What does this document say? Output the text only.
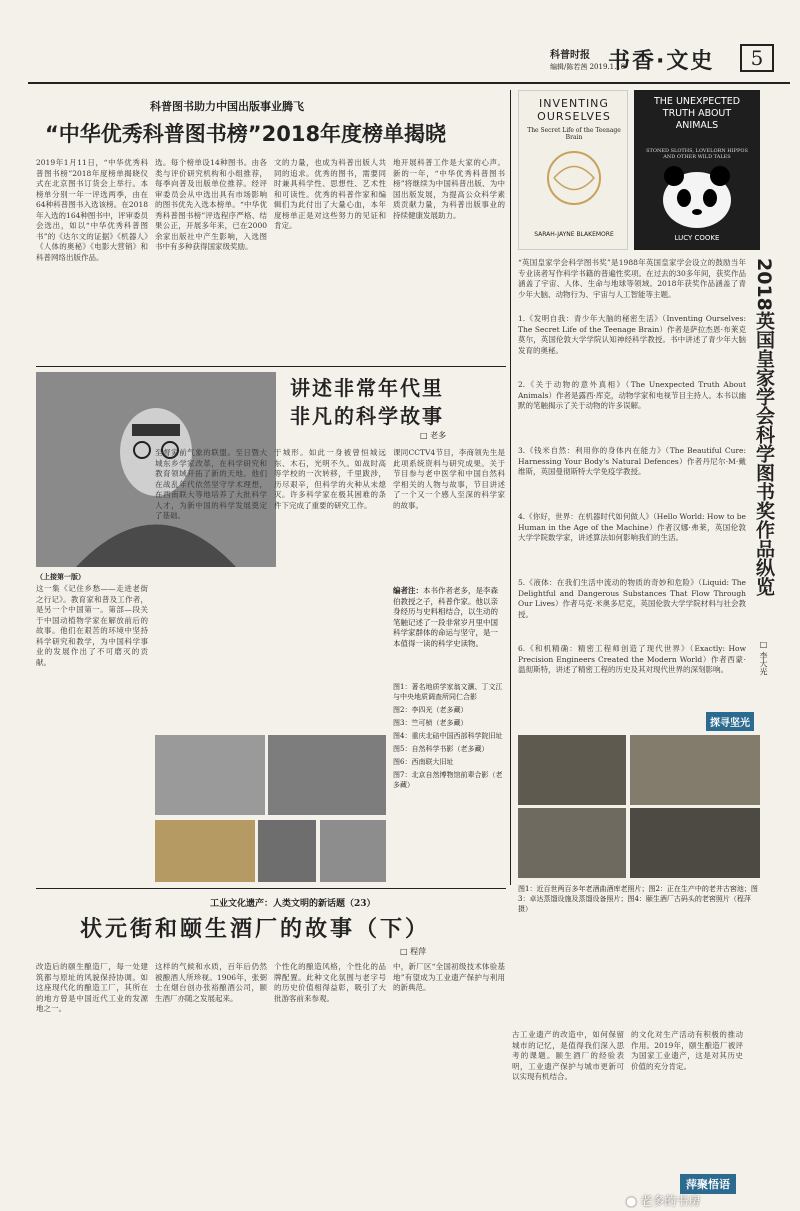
科普时报
编辑/陈若茜 2019.1.18
书香·文史	5
科普图书助力中国出版事业腾飞
“中华优秀科普图书榜”2018年度榜单揭晓
2019年1月11日，“中华优秀科普图书榜”2018年度榜单揭晓仪式在北京图书订货会上举行。本榜单分别一年一评选两季，由在64种科普图书入选该榜。在2018年入选的164种图书中，评审委员会选出，如以“中华优秀科普图书”的《达尔文的证据》《机器人》《人体的奥秘》《电影大营销》和科普网络出版作品。
选。每个榜单设14种图书。由各类与评价研究机构和小组推荐，每季向普及出版单位推荐。经评审委员会从中选出具有市场影响的图书优先入选本榜单。“中华优秀科普图书榜”评选程序严格、结果公正，开展多年来，已在2000余家出版社中产生影响，入选图书中有多种获得国家级奖励。
文的力量，也成为科普出版人共同的追求。优秀的图书，需要同时兼具科学性、思想性、艺术性和可读性。优秀的科普作家和编辑们为此付出了大量心血，本年度榜单正是对这些努力的见证和肯定。
地开展科普工作是大家的心声。新的一年，“中华优秀科普图书榜”将继续为中国科普出版、为中国出版发展，为提高公众科学素质贡献力量，为科普出版事业的持续健康发展助力。
讲述非常年代里
非凡的科学故事
□ 老多
（上接第一版）
这一集《记住乡愁——走进老街之行记》。教育家和普及工作者，是另一个中国第一。第部—段关于中国动植物学家在解放前后的故事。他们在艰苦的环境中坚持科学研究和教学，为中国科学事业的发展作出了不可磨灭的贡献。
至督家前气象的联盟。至日暨大城东乡学家改革，在科学研究和教育领域开拓了新的天地。他们在战乱年代依然坚守学术理想，在西南联大等地培养了大批科学人才，为新中国的科学发展奠定了基础。
于城形。如此一身被曾恒城远东、木石，光明不久。如战时高等学校的一次转移，千里跋涉，历尽艰辛，但科学的火种从未熄灭。许多科学家在极其困难的条件下完成了重要的研究工作。
课同CCTV4节目，李商领先生是此项系统资料与研究成果。关于节目参与老中医学和中国自然科学相关的人物与故事，节目讲述了一个又一个感人至深的科学家的故事。
编者注：本书作者老多，是李森伯教授之子，科普作家。他以亲身经历与史料相结合，以生动的笔触记述了一段非常岁月里中国科学家群体的命运与坚守，是一本值得一读的科学史读物。
图1：著名地质学家翁文灏、丁文江与中央地质调查所同仁合影
图2：李四光（老多藏）
图3：竺可桢（老多藏）
图4：重庆北碚中国西部科学院旧址
图5：自然科学书影（老多藏）
图6：西南联大旧址
图7：北京自然博物馆前辈合影（老多藏）
工业文化遗产：人类文明的新话题（23）
状元街和颐生酒厂的故事（下）
□ 程萍
改造后的颐生酿造厂，每一处建筑都与原址的风貌保持协调。如这座现代化的酿造工厂，其所在的地方曾是中国近代工业的发源地之一。
这样的气候和水质，百年后仍然被酿酒人所珍视。1906年，张弼士在烟台创办张裕酿酒公司，颐生酒厂亦随之发展起来。
个性化的酿造风格，个性化的品牌配置。此种文化氛围与老字号的历史价值相得益彰，吸引了大批游客前来参观。
中，新厂区“全国初级技术体验基地”有望成为工业遗产保护与利用的新典范。
古工业遗产的改造中，如何保留城市的记忆，是值得我们深入思考的课题。颐生酒厂的经验表明，工业遗产保护与城市更新可以实现有机结合。
的文化对生产活动有积极的推动作用。2019年，颐生酿造厂被评为国家工业遗产，这是对其历史价值的充分肯定。
INVENTING OURSELVES
The Secret Life of the Teenage Brain
SARAH-JAYNE BLAKEMORE
THE UNEXPECTED TRUTH ABOUT ANIMALS
STONED SLOTHS, LOVELORN HIPPOS AND OTHER WILD TALES
LUCY COOKE
2018英国皇家学会科学图书奖作品纵览
□ 李大光
“英国皇家学会科学图书奖”是1988年英国皇家学会设立的鼓励当年专业读者写作科学书籍的普遍性奖项。在过去的30多年间，获奖作品涵盖了宇宙、人体、生命与地球等领域。2018年获奖作品涵盖了青少年大脑、动物行为、宇宙与人工智能等主题。
1.《发明自我：青少年大脑的秘密生活》（Inventing Ourselves: The Secret Life of the Teenage Brain）作者是萨拉杰恩·布莱克莫尔，英国伦敦大学学院认知神经科学教授。书中讲述了青少年大脑发育的奥秘。
2.《关于动物的意外真相》（The Unexpected Truth About Animals）作者是露西·库克，动物学家和电视节目主持人。本书以幽默的笔触揭示了关于动物的许多误解。
3.《钱米自然：利用你的身体内在能力》（The Beautiful Cure: Harnessing Your Body's Natural Defences）作者丹尼尔·M·戴维斯，英国曼彻斯特大学免疫学教授。
4.《你好，世界：在机器时代如何做人》（Hello World: How to be Human in the Age of the Machine）作者汉娜·弗莱，英国伦敦大学学院数学家，讲述算法如何影响我们的生活。
5.《液体：在我们生活中流动的物质的奇妙和危险》（Liquid: The Delightful and Dangerous Substances That Flow Through Our Lives）作者马克·米奥多尼克，英国伦敦大学学院材料与社会教授。
6.《和机精确：精密工程师创造了现代世界》（Exactly: How Precision Engineers Created the Modern World）作者西蒙·温彻斯特，讲述了精密工程的历史及其对现代世界的深刻影响。
探寻坚光
图1：近百世两百多年老酒曲酒库老照片；图2：正在生产中的老井古窖池；图3：卓达蒸馏设施及蒸馏设备照片；图4：颐生酒厂古码头的老窖照片（程萍 摄）
萍聚悟语
● 老多的书房
